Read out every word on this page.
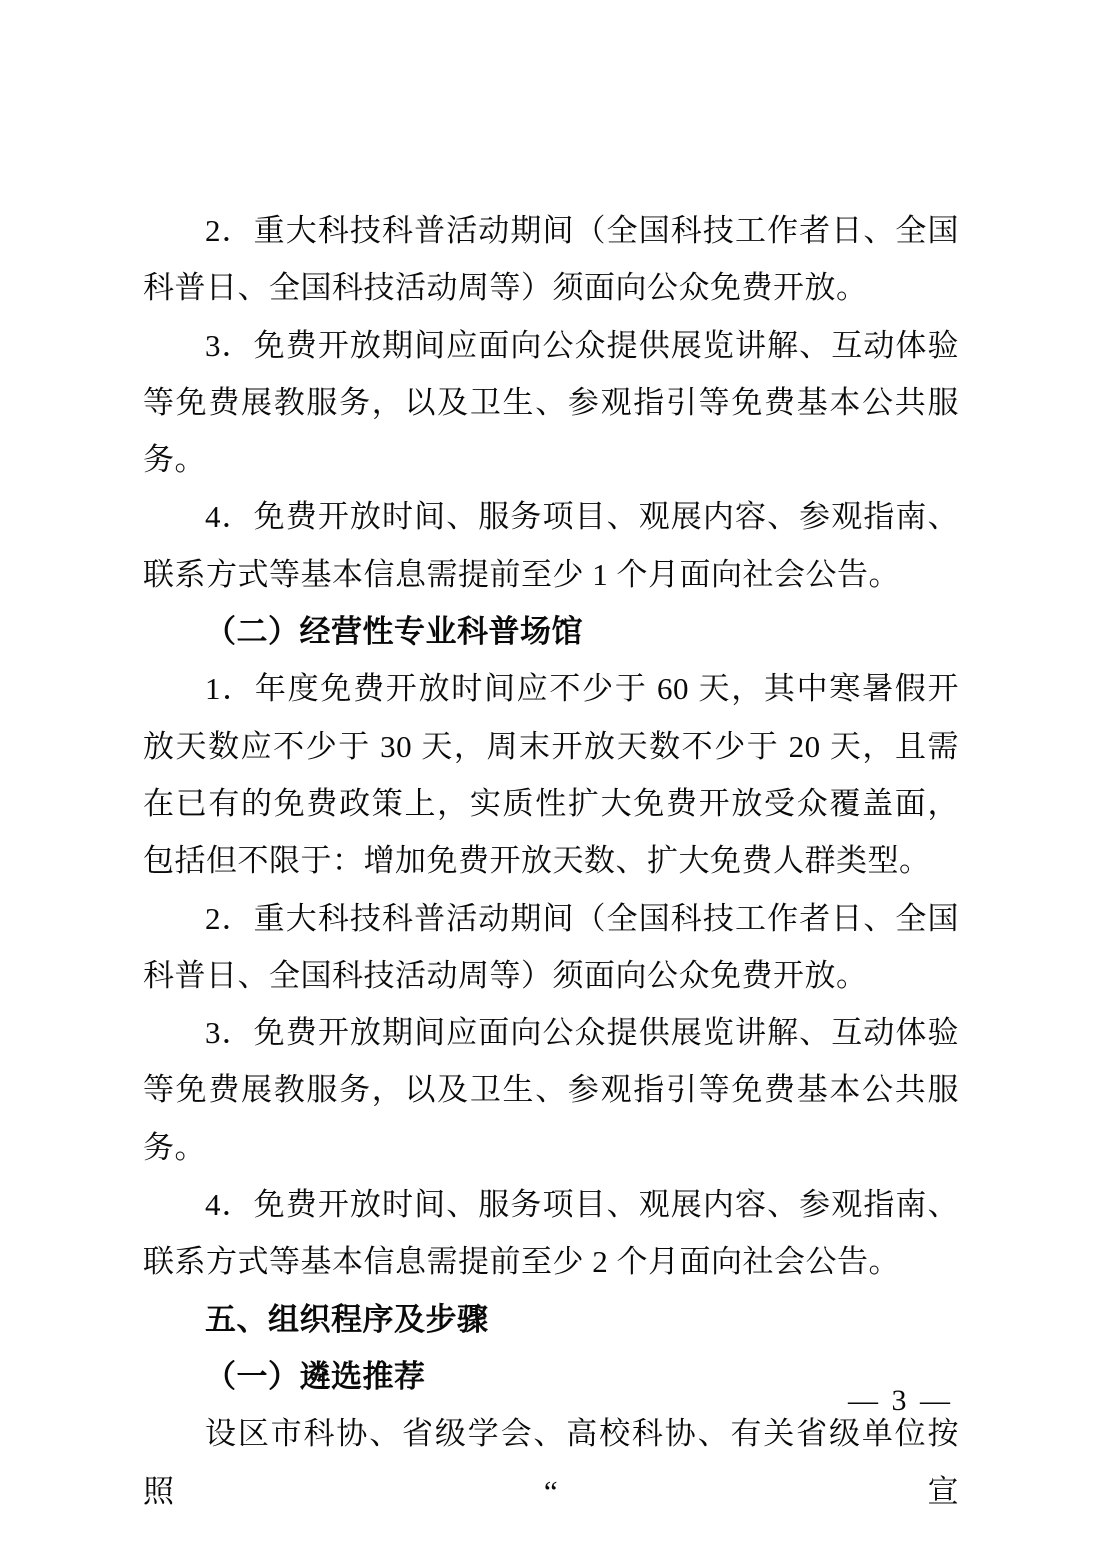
2．重大科技科普活动期间（全国科技工作者日、全国科普日、全国科技活动周等）须面向公众免费开放。

3．免费开放期间应面向公众提供展览讲解、互动体验等免费展教服务，以及卫生、参观指引等免费基本公共服务。

4．免费开放时间、服务项目、观展内容、参观指南、联系方式等基本信息需提前至少 1 个月面向社会公告。

（二）经营性专业科普场馆

1．年度免费开放时间应不少于 60 天，其中寒暑假开放天数应不少于 30 天，周末开放天数不少于 20 天，且需在已有的免费政策上，实质性扩大免费开放受众覆盖面，包括但不限于：增加免费开放天数、扩大免费人群类型。

2．重大科技科普活动期间（全国科技工作者日、全国科普日、全国科技活动周等）须面向公众免费开放。

3．免费开放期间应面向公众提供展览讲解、互动体验等免费展教服务，以及卫生、参观指引等免费基本公共服务。

4．免费开放时间、服务项目、观展内容、参观指南、联系方式等基本信息需提前至少 2 个月面向社会公告。

五、组织程序及步骤

（一）遴选推荐

设区市科协、省级学会、高校科协、有关省级单位按照“宣

— 3 —
